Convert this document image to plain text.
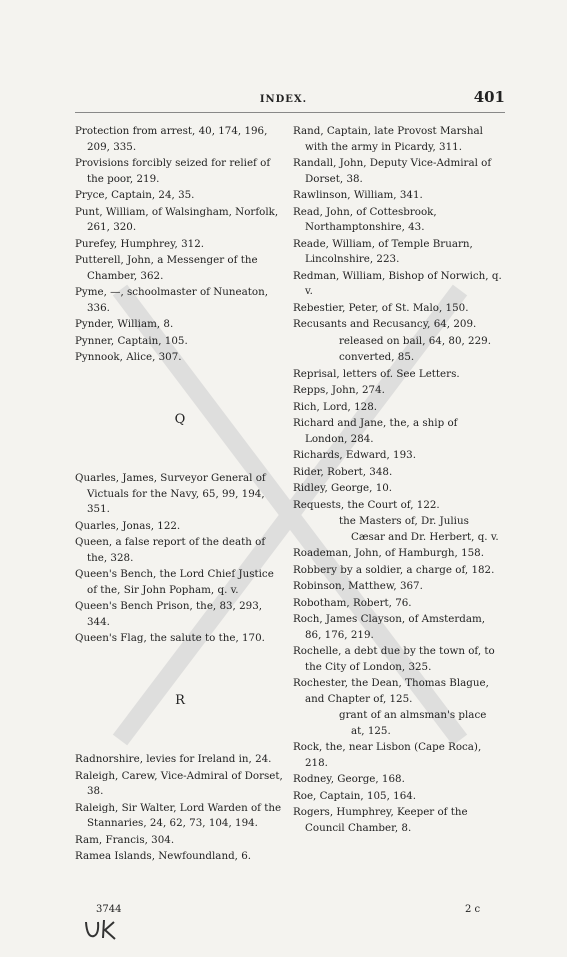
INDEX.	401
Protection from arrest, 40, 174, 196, 209, 335.
Provisions forcibly seized for relief of the poor, 219.
Pryce, Captain, 24, 35.
Punt, William, of Walsingham, Norfolk, 261, 320.
Purefey, Humphrey, 312.
Putterell, John, a Messenger of the Chamber, 362.
Pyme, —, schoolmaster of Nuneaton, 336.
Pynder, William, 8.
Pynner, Captain, 105.
Pynnook, Alice, 307.
Q
Quarles, James, Surveyor General of Victuals for the Navy, 65, 99, 194, 351.
Quarles, Jonas, 122.
Queen, a false report of the death of the, 328.
Queen's Bench, the Lord Chief Justice of the, Sir John Popham, q. v.
Queen's Bench Prison, the, 83, 293, 344.
Queen's Flag, the salute to the, 170.
R
Radnorshire, levies for Ireland in, 24.
Raleigh, Carew, Vice-Admiral of Dorset, 38.
Raleigh, Sir Walter, Lord Warden of the Stannaries, 24, 62, 73, 104, 194.
Ram, Francis, 304.
Ramea Islands, Newfoundland, 6.
Rand, Captain, late Provost Marshal with the army in Picardy, 311.
Randall, John, Deputy Vice-Admiral of Dorset, 38.
Rawlinson, William, 341.
Read, John, of Cottesbrook, Northamptonshire, 43.
Reade, William, of Temple Bruarn, Lincolnshire, 223.
Redman, William, Bishop of Norwich, q. v.
Rebestier, Peter, of St. Malo, 150.
Recusants and Recusancy, 64, 209.
released on bail, 64, 80, 229.
converted, 85.
Reprisal, letters of. See Letters.
Repps, John, 274.
Rich, Lord, 128.
Richard and Jane, the, a ship of London, 284.
Richards, Edward, 193.
Rider, Robert, 348.
Ridley, George, 10.
Requests, the Court of, 122.
the Masters of, Dr. Julius Cæsar and Dr. Herbert, q. v.
Roademan, John, of Hamburgh, 158.
Robbery by a soldier, a charge of, 182.
Robinson, Matthew, 367.
Robotham, Robert, 76.
Roch, James Clayson, of Amsterdam, 86, 176, 219.
Rochelle, a debt due by the town of, to the City of London, 325.
Rochester, the Dean, Thomas Blague, and Chapter of, 125.
grant of an almsman's place at, 125.
Rock, the, near Lisbon (Cape Roca), 218.
Rodney, George, 168.
Roe, Captain, 105, 164.
Rogers, Humphrey, Keeper of the Council Chamber, 8.
3744	2 c
